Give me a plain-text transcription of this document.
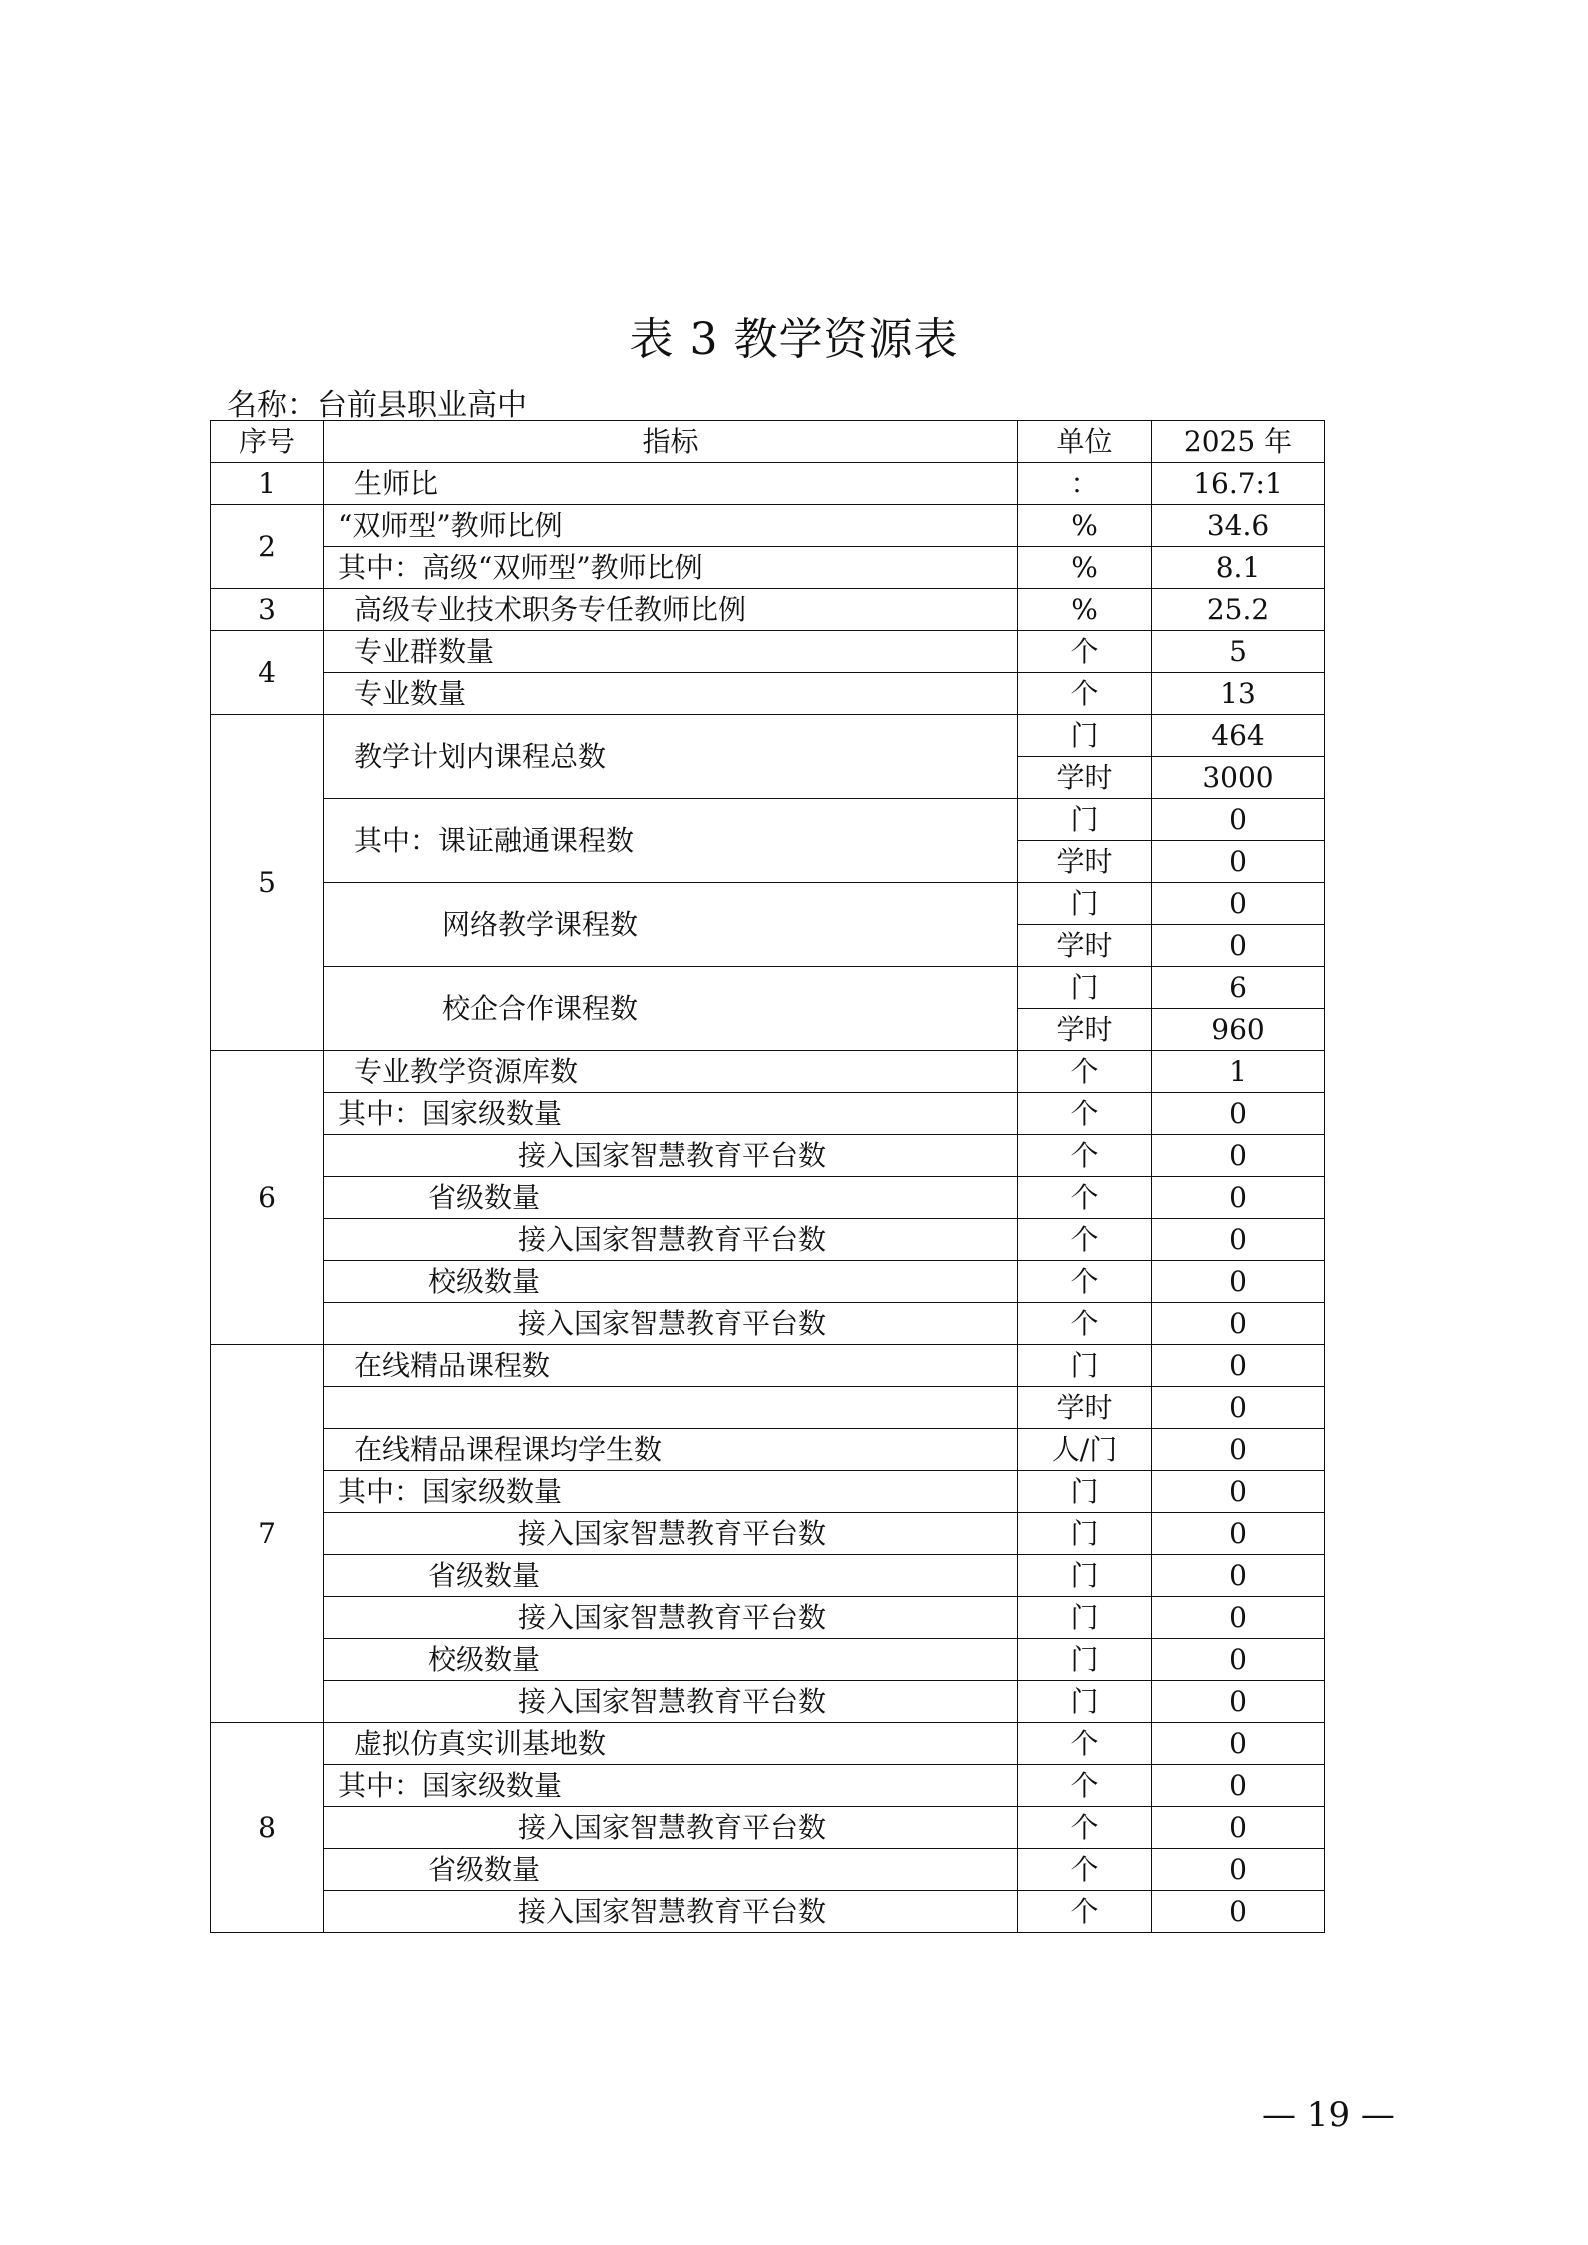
表 3 教学资源表
名称：台前县职业高中
序号	指标	单位	2025 年
1	生师比	：	16.7:1
2	“双师型”教师比例	%	34.6
	其中：高级“双师型”教师比例	%	8.1
3	高级专业技术职务专任教师比例	%	25.2
4	专业群数量	个	5
	专业数量	个	13
5	教学计划内课程总数	门	464
		学时	3000
	其中：课证融通课程数	门	0
		学时	0
	网络教学课程数	门	0
		学时	0
	校企合作课程数	门	6
		学时	960
6	专业教学资源库数	个	1
	其中：国家级数量	个	0
	接入国家智慧教育平台数	个	0
	省级数量	个	0
	接入国家智慧教育平台数	个	0
	校级数量	个	0
	接入国家智慧教育平台数	个	0
7	在线精品课程数	门	0
		学时	0
	在线精品课程课均学生数	人/门	0
	其中：国家级数量	门	0
	接入国家智慧教育平台数	门	0
	省级数量	门	0
	接入国家智慧教育平台数	门	0
	校级数量	门	0
	接入国家智慧教育平台数	门	0
8	虚拟仿真实训基地数	个	0
	其中：国家级数量	个	0
	接入国家智慧教育平台数	个	0
	省级数量	个	0
	接入国家智慧教育平台数	个	0
— 19 —
